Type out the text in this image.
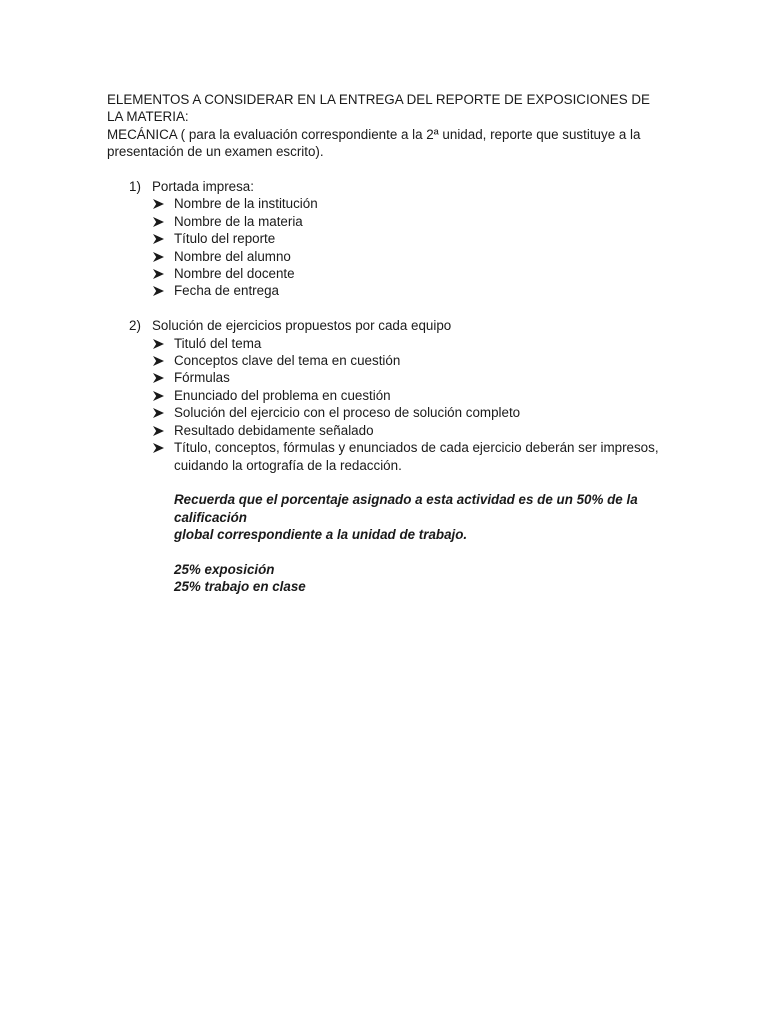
ELEMENTOS A CONSIDERAR EN LA ENTREGA DEL REPORTE DE EXPOSICIONES DE LA MATERIA:

MECÁNICA ( para la evaluación correspondiente a la 2ª unidad, reporte que sustituye a la

presentación de un examen escrito).

1) Portada impresa:
Nombre de la institución
Nombre de la materia
Título del reporte
Nombre del alumno
Nombre del docente
Fecha de entrega
2) Solución de ejercicios propuestos por cada equipo
Tituló del tema
Conceptos clave del tema en cuestión
Fórmulas
Enunciado del problema en cuestión
Solución del ejercicio con el proceso de solución completo
Resultado debidamente señalado
Título, conceptos, fórmulas y enunciados de cada ejercicio deberán ser impresos,
cuidando la ortografía de la redacción.

Recuerda que el porcentaje asignado a esta actividad es de un 50% de la calificación

global correspondiente a la unidad de trabajo.

25% exposición

25% trabajo en clase
